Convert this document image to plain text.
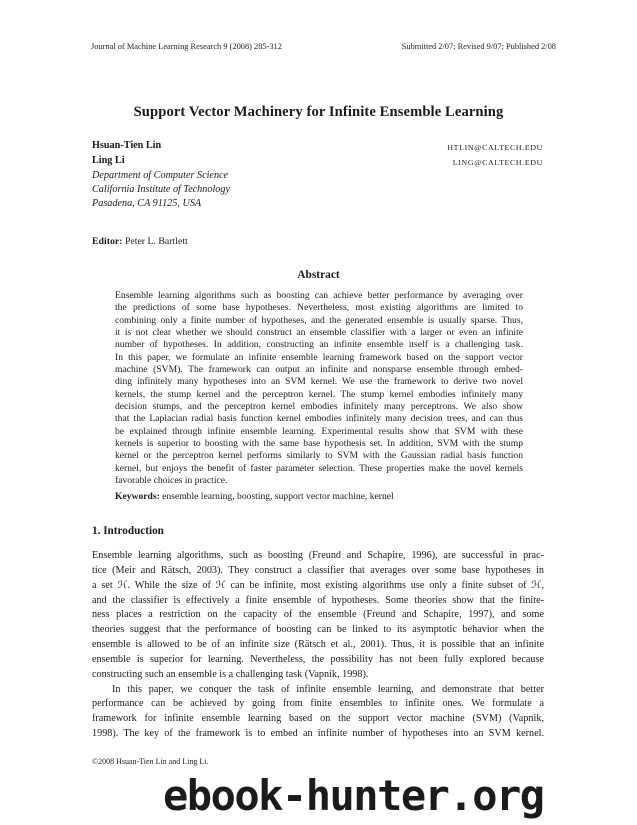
Journal of Machine Learning Research 9 (2008) 285-312	Submitted 2/07; Revised 9/07; Published 2/08
Support Vector Machinery for Infinite Ensemble Learning
Hsuan-Tien Lin	HTLIN@CALTECH.EDU
Ling Li	LING@CALTECH.EDU
Department of Computer Science
California Institute of Technology
Pasadena, CA 91125, USA
Editor: Peter L. Bartlett
Abstract
Ensemble learning algorithms such as boosting can achieve better performance by averaging over
the predictions of some base hypotheses. Nevertheless, most existing algorithms are limited to
combining only a finite number of hypotheses, and the generated ensemble is usually sparse. Thus,
it is not clear whether we should construct an ensemble classifier with a larger or even an infinite
number of hypotheses. In addition, constructing an infinite ensemble itself is a challenging task.
In this paper, we formulate an infinite ensemble learning framework based on the support vector
machine (SVM). The framework can output an infinite and nonsparse ensemble through embed-
ding infinitely many hypotheses into an SVM kernel. We use the framework to derive two novel
kernels, the stump kernel and the perceptron kernel. The stump kernel embodies infinitely many
decision stumps, and the perceptron kernel embodies infinitely many perceptrons. We also show
that the Laplacian radial basis function kernel embodies infinitely many decision trees, and can thus
be explained through infinite ensemble learning. Experimental results show that SVM with these
kernels is superior to boosting with the same base hypothesis set. In addition, SVM with the stump
kernel or the perceptron kernel performs similarly to SVM with the Gaussian radial basis function
kernel, but enjoys the benefit of faster parameter selection. These properties make the novel kernels
favorable choices in practice.
Keywords: ensemble learning, boosting, support vector machine, kernel
1. Introduction
Ensemble learning algorithms, such as boosting (Freund and Schapire, 1996), are successful in prac-
tice (Meir and Rätsch, 2003). They construct a classifier that averages over some base hypotheses in
a set ℋ. While the size of ℋ can be infinite, most existing algorithms use only a finite subset of ℋ,
and the classifier is effectively a finite ensemble of hypotheses. Some theories show that the finite-
ness places a restriction on the capacity of the ensemble (Freund and Schapire, 1997), and some
theories suggest that the performance of boosting can be linked to its asymptotic behavior when the
ensemble is allowed to be of an infinite size (Rätsch et al., 2001). Thus, it is possible that an infinite
ensemble is superior for learning. Nevertheless, the possibility has not been fully explored because
constructing such an ensemble is a challenging task (Vapnik, 1998).
In this paper, we conquer the task of infinite ensemble learning, and demonstrate that better
performance can be achieved by going from finite ensembles to infinite ones. We formulate a
framework for infinite ensemble learning based on the support vector machine (SVM) (Vapnik,
1998). The key of the framework is to embed an infinite number of hypotheses into an SVM kernel.
©2008 Hsuan-Tien Lin and Ling Li.
ebook-hunter.org
